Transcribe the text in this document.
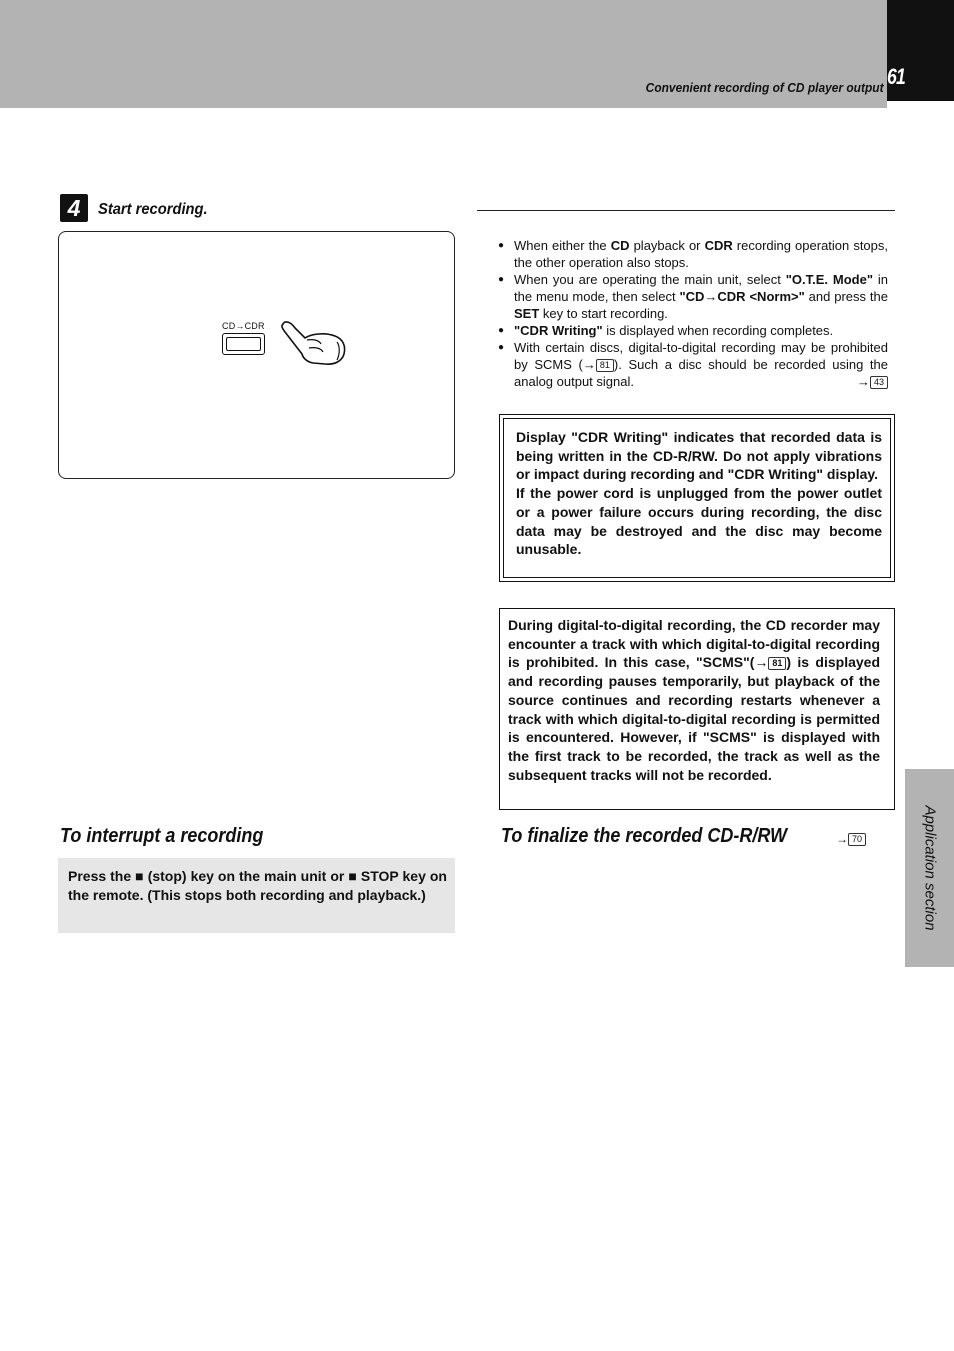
Convenient recording of CD player output 61
4	Start recording.
CD→CDR
● When either the CD playback or CDR recording operation stops, the other operation also stops.
● When you are operating the main unit, select "O.T.E. Mode" in the menu mode, then select "CD→CDR <Norm>" and press the SET key to start recording.
● "CDR Writing" is displayed when recording completes.
● With certain discs, digital-to-digital recording may be prohibited by SCMS (→ 81 ). Such a disc should be recorded using the analog output signal.	→ 43
Display "CDR Writing" indicates that recorded data is being written in the CD-R/RW. Do not apply vibrations or impact during recording and "CDR Writing" display.
If the power cord is unplugged from the power outlet or a power failure occurs during recording, the disc data may be destroyed and the disc may become unusable.
During digital-to-digital recording, the CD recorder may encounter a track with which digital-to-digital recording is prohibited. In this case, "SCMS"(→ 81 ) is displayed and recording pauses temporarily, but playback of the source continues and recording restarts whenever a track with which digital-to-digital recording is permitted is encountered. However, if "SCMS" is displayed with the first track to be recorded, the track as well as the subsequent tracks will not be recorded.
To interrupt a recording
Press the ■ (stop) key on the main unit or ■ STOP key on the remote. (This stops both recording and playback.)
To finalize the recorded CD-R/RW	→ 70	Application section
